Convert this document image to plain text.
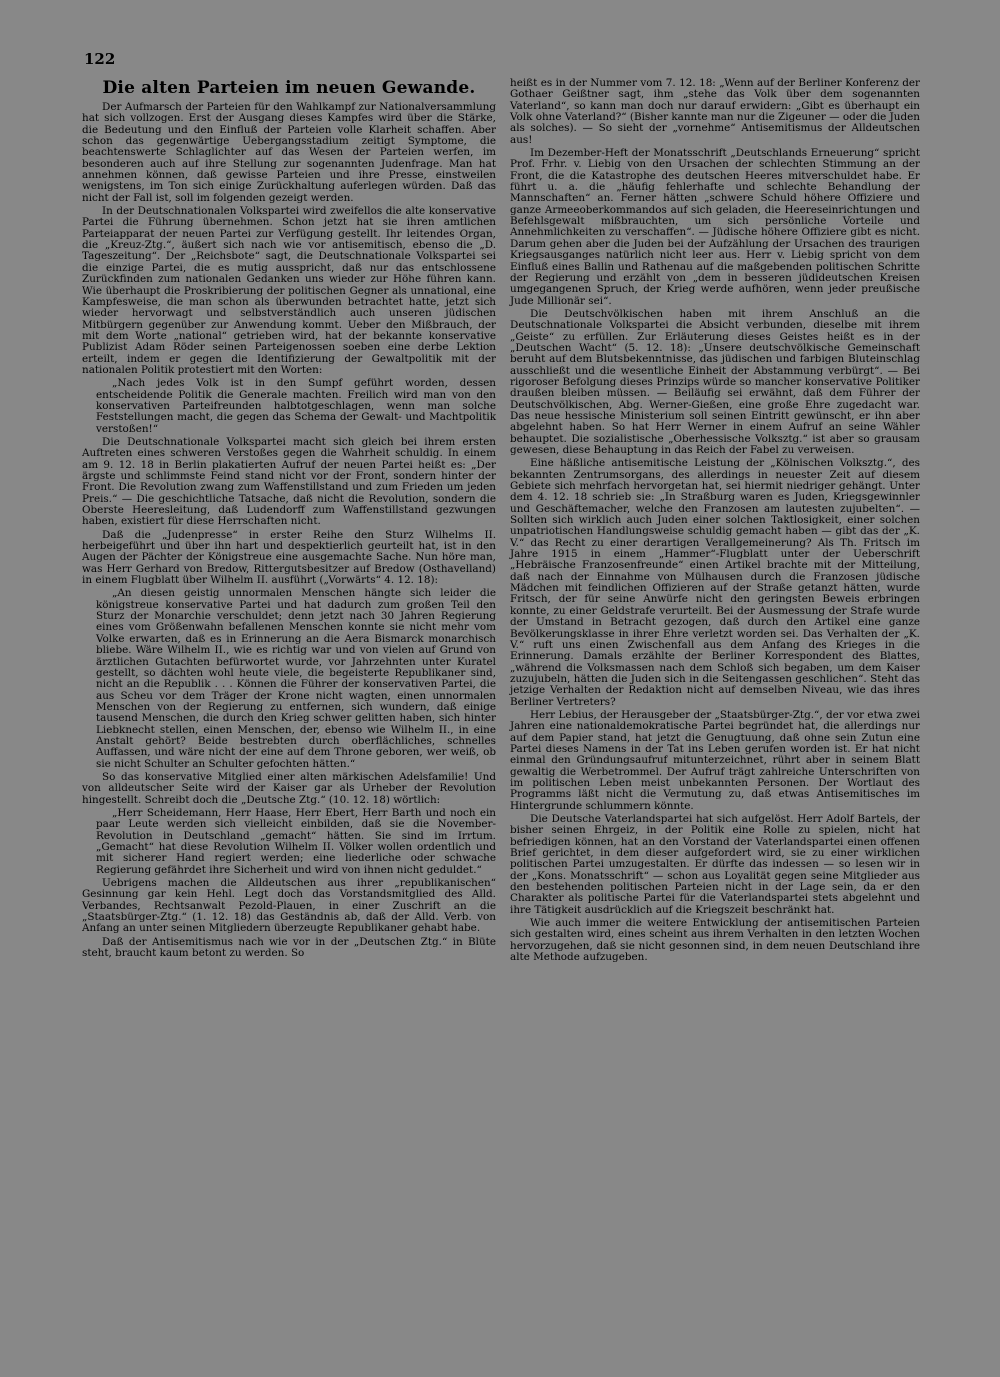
122
Die alten Parteien im neuen Gewande.

Der Aufmarsch der Parteien für den Wahlkampf zur Nationalversammlung hat sich vollzogen. Erst der Ausgang dieses Kampfes wird über die Stärke, die Bedeutung und den Einfluß der Parteien volle Klarheit schaffen. Aber schon das gegenwärtige Uebergangsstadium zeitigt Symptome, die beachtenswerte Schlaglichter auf das Wesen der Parteien werfen, im besonderen auch auf ihre Stellung zur sogenannten Judenfrage. Man hat annehmen können, daß gewisse Parteien und ihre Presse, einstweilen wenigstens, im Ton sich einige Zurückhaltung auferlegen würden. Daß das nicht der Fall ist, soll im folgenden gezeigt werden.

In der Deutschnationalen Volkspartei wird zweifellos die alte konservative Partei die Führung übernehmen. Schon jetzt hat sie ihren amtlichen Parteiapparat der neuen Partei zur Verfügung gestellt. Ihr leitendes Organ, die „Kreuz-Ztg.“, äußert sich nach wie vor antisemitisch, ebenso die „D. Tageszeitung“. Der „Reichsbote“ sagt, die Deutschnationale Volkspartei sei die einzige Partei, die es mutig ausspricht, daß nur das entschlossene Zurückfinden zum nationalen Gedanken uns wieder zur Höhe führen kann. Wie überhaupt die Proskribierung der politischen Gegner als unnational, eine Kampfesweise, die man schon als überwunden betrachtet hatte, jetzt sich wieder hervorwagt und selbstverständlich auch unseren jüdischen Mitbürgern gegenüber zur Anwendung kommt. Ueber den Mißbrauch, der mit dem Worte „national“ getrieben wird, hat der bekannte konservative Publizist Adam Röder seinen Parteigenossen soeben eine derbe Lektion erteilt, indem er gegen die Identifizierung der Gewaltpolitik mit der nationalen Politik protestiert mit den Worten:

„Nach jedes Volk ist in den Sumpf geführt worden, dessen entscheidende Politik die Generale machten. Freilich wird man von den konservativen Parteifreunden halbtotgeschlagen, wenn man solche Feststellungen macht, die gegen das Schema der Gewalt- und Machtpolitik verstoßen!“

Die Deutschnationale Volkspartei macht sich gleich bei ihrem ersten Auftreten eines schweren Verstoßes gegen die Wahrheit schuldig. In einem am 9. 12. 18 in Berlin plakatierten Aufruf der neuen Partei heißt es: „Der ärgste und schlimmste Feind stand nicht vor der Front, sondern hinter der Front. Die Revolution zwang zum Waffenstillstand und zum Frieden um jeden Preis.“ — Die geschichtliche Tatsache, daß nicht die Revolution, sondern die Oberste Heeresleitung, daß Ludendorff zum Waffenstillstand gezwungen haben, existiert für diese Herrschaften nicht.

Daß die „Judenpresse“ in erster Reihe den Sturz Wilhelms II. herbeigeführt und über ihn hart und despektierlich geurteilt hat, ist in den Augen der Pächter der Königstreue eine ausgemachte Sache. Nun höre man, was Herr Gerhard von Bredow, Rittergutsbesitzer auf Bredow (Osthavelland) in einem Flugblatt über Wilhelm II. ausführt („Vorwärts“ 4. 12. 18):

„An diesen geistig unnormalen Menschen hängte sich leider die königstreue konservative Partei und hat dadurch zum großen Teil den Sturz der Monarchie verschuldet; denn jetzt nach 30 Jahren Regierung eines vom Größenwahn befallenen Menschen konnte sie nicht mehr vom Volke erwarten, daß es in Erinnerung an die Aera Bismarck monarchisch bliebe. Wäre Wilhelm II., wie es richtig war und von vielen auf Grund von ärztlichen Gutachten befürwortet wurde, vor Jahrzehnten unter Kuratel gestellt, so dächten wohl heute viele, die begeisterte Republikaner sind, nicht an die Republik . . . Können die Führer der konservativen Partei, die aus Scheu vor dem Träger der Krone nicht wagten, einen unnormalen Menschen von der Regierung zu entfernen, sich wundern, daß einige tausend Menschen, die durch den Krieg schwer gelitten haben, sich hinter Liebknecht stellen, einen Menschen, der, ebenso wie Wilhelm II., in eine Anstalt gehört? Beide bestrebten durch oberflächliches, schnelles Auffassen, und wäre nicht der eine auf dem Throne geboren, wer weiß, ob sie nicht Schulter an Schulter gefochten hätten.“

So das konservative Mitglied einer alten märkischen Adelsfamilie! Und von alldeutscher Seite wird der Kaiser gar als Urheber der Revolution hingestellt. Schreibt doch die „Deutsche Ztg.“ (10. 12. 18) wörtlich:

„Herr Scheidemann, Herr Haase, Herr Ebert, Herr Barth und noch ein paar Leute werden sich vielleicht einbilden, daß sie die November-Revolution in Deutschland „gemacht“ hätten. Sie sind im Irrtum. „Gemacht“ hat diese Revolution Wilhelm II. Völker wollen ordentlich und mit sicherer Hand regiert werden; eine liederliche oder schwache Regierung gefährdet ihre Sicherheit und wird von ihnen nicht geduldet.“

Uebrigens machen die Alldeutschen aus ihrer „republikanischen“ Gesinnung gar kein Hehl. Legt doch das Vorstandsmitglied des Alld. Verbandes, Rechtsanwalt Pezold-Plauen, in einer Zuschrift an die „Staatsbürger-Ztg.“ (1. 12. 18) das Geständnis ab, daß der Alld. Verb. von Anfang an unter seinen Mitgliedern überzeugte Republikaner gehabt habe.

Daß der Antisemitismus nach wie vor in der „Deutschen Ztg.“ in Blüte steht, braucht kaum betont zu werden. So

heißt es in der Nummer vom 7. 12. 18: „Wenn auf der Berliner Konferenz der Gothaer Geißtner sagt, ihm „stehe das Volk über dem sogenannten Vaterland“, so kann man doch nur darauf erwidern: „Gibt es überhaupt ein Volk ohne Vaterland?“ (Bisher kannte man nur die Zigeuner — oder die Juden als solches). — So sieht der „vornehme“ Antisemitismus der Alldeutschen aus!

Im Dezember-Heft der Monatsschrift „Deutschlands Erneuerung“ spricht Prof. Frhr. v. Liebig von den Ursachen der schlechten Stimmung an der Front, die die Katastrophe des deutschen Heeres mitverschuldet habe. Er führt u. a. die „häufig fehlerhafte und schlechte Behandlung der Mannschaften“ an. Ferner hätten „schwere Schuld höhere Offiziere und ganze Armeeoberkommandos auf sich geladen, die Heereseinrichtungen und Befehlsgewalt mißbrauchten, um sich persönliche Vorteile und Annehmlichkeiten zu verschaffen“. — Jüdische höhere Offiziere gibt es nicht. Darum gehen aber die Juden bei der Aufzählung der Ursachen des traurigen Kriegsausganges natürlich nicht leer aus. Herr v. Liebig spricht von dem Einfluß eines Ballin und Rathenau auf die maßgebenden politischen Schritte der Regierung und erzählt von „dem in besseren jüdideutschen Kreisen umgegangenen Spruch, der Krieg werde aufhören, wenn jeder preußische Jude Millionär sei“.

Die Deutschvölkischen haben mit ihrem Anschluß an die Deutschnationale Volkspartei die Absicht verbunden, dieselbe mit ihrem „Geiste“ zu erfüllen. Zur Erläuterung dieses Geistes heißt es in der „Deutschen Wacht“ (5. 12. 18): „Unsere deutschvölkische Gemeinschaft beruht auf dem Blutsbekenntnisse, das jüdischen und farbigen Bluteinschlag ausschließt und die wesentliche Einheit der Abstammung verbürgt“. — Bei rigoroser Befolgung dieses Prinzips würde so mancher konservative Politiker draußen bleiben müssen. — Beiläufig sei erwähnt, daß dem Führer der Deutschvölkischen, Abg. Werner-Gießen, eine große Ehre zugedacht war. Das neue hessische Ministerium soll seinen Eintritt gewünscht, er ihn aber abgelehnt haben. So hat Herr Werner in einem Aufruf an seine Wähler behauptet. Die sozialistische „Oberhessische Volksztg.“ ist aber so grausam gewesen, diese Behauptung in das Reich der Fabel zu verweisen.

Eine häßliche antisemitische Leistung der „Kölnischen Volksztg.“, des bekannten Zentrumsorgans, des allerdings in neuester Zeit auf diesem Gebiete sich mehrfach hervorgetan hat, sei hiermit niedriger gehängt. Unter dem 4. 12. 18 schrieb sie: „In Straßburg waren es Juden, Kriegsgewinnler und Geschäftemacher, welche den Franzosen am lautesten zujubelten“. — Sollten sich wirklich auch Juden einer solchen Taktlosigkeit, einer solchen unpatriotischen Handlungsweise schuldig gemacht haben — gibt das der „K. V.“ das Recht zu einer derartigen Verallgemeinerung? Als Th. Fritsch im Jahre 1915 in einem „Hammer“-Flugblatt unter der Ueberschrift „Hebräische Franzosenfreunde“ einen Artikel brachte mit der Mitteilung, daß nach der Einnahme von Mülhausen durch die Franzosen jüdische Mädchen mit feindlichen Offizieren auf der Straße getanzt hätten, wurde Fritsch, der für seine Anwürfe nicht den geringsten Beweis erbringen konnte, zu einer Geldstrafe verurteilt. Bei der Ausmessung der Strafe wurde der Umstand in Betracht gezogen, daß durch den Artikel eine ganze Bevölkerungsklasse in ihrer Ehre verletzt worden sei. Das Verhalten der „K. V.“ ruft uns einen Zwischenfall aus dem Anfang des Krieges in die Erinnerung. Damals erzählte der Berliner Korrespondent des Blattes, „während die Volksmassen nach dem Schloß sich begaben, um dem Kaiser zuzujubeln, hätten die Juden sich in die Seitengassen geschlichen“. Steht das jetzige Verhalten der Redaktion nicht auf demselben Niveau, wie das ihres Berliner Vertreters?

Herr Lebius, der Herausgeber der „Staatsbürger-Ztg.“, der vor etwa zwei Jahren eine nationaldemokratische Partei begründet hat, die allerdings nur auf dem Papier stand, hat jetzt die Genugtuung, daß ohne sein Zutun eine Partei dieses Namens in der Tat ins Leben gerufen worden ist. Er hat nicht einmal den Gründungsaufruf mitunterzeichnet, rührt aber in seinem Blatt gewaltig die Werbetrommel. Der Aufruf trägt zahlreiche Unterschriften von im politischen Leben meist unbekannten Personen. Der Wortlaut des Programms läßt nicht die Vermutung zu, daß etwas Antisemitisches im Hintergrunde schlummern könnte.

Die Deutsche Vaterlandspartei hat sich aufgelöst. Herr Adolf Bartels, der bisher seinen Ehrgeiz, in der Politik eine Rolle zu spielen, nicht hat befriedigen können, hat an den Vorstand der Vaterlandspartei einen offenen Brief gerichtet, in dem dieser aufgefordert wird, sie zu einer wirklichen politischen Partei umzugestalten. Er dürfte das indessen — so lesen wir in der „Kons. Monatsschrift“ — schon aus Loyalität gegen seine Mitglieder aus den bestehenden politischen Parteien nicht in der Lage sein, da er den Charakter als politische Partei für die Vaterlandspartei stets abgelehnt und ihre Tätigkeit ausdrücklich auf die Kriegszeit beschränkt hat.

Wie auch immer die weitere Entwicklung der antisemitischen Parteien sich gestalten wird, eines scheint aus ihrem Verhalten in den letzten Wochen hervorzugehen, daß sie nicht gesonnen sind, in dem neuen Deutschland ihre alte Methode aufzugeben.
